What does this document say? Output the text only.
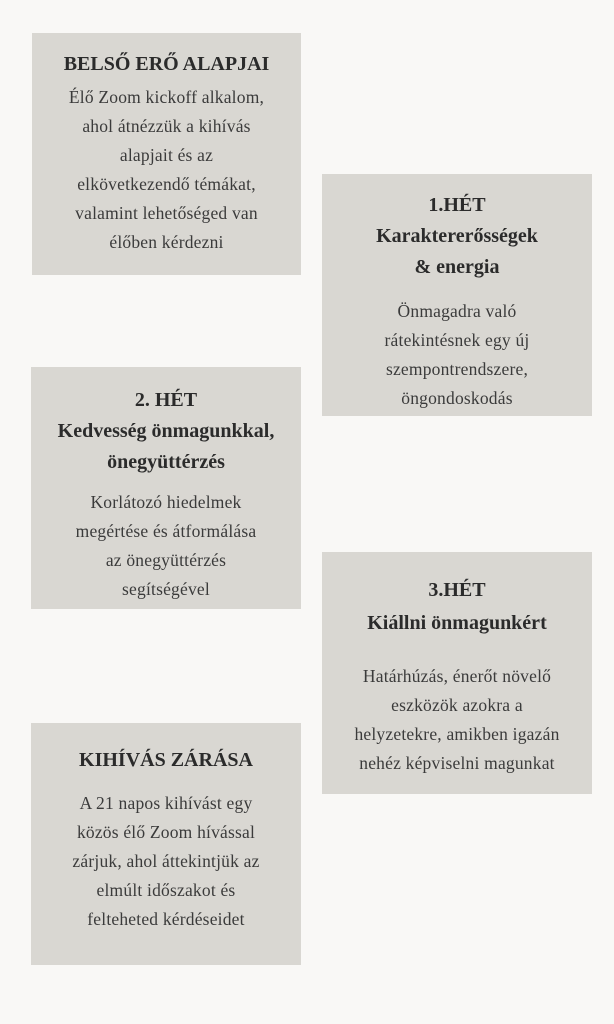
BELSŐ ERŐ ALAPJAI

Élő Zoom kickoff alkalom,
ahol átnézzük a kihívás
alapjait és az
elkövetkezendő témákat,
valamint lehetőséged van
élőben kérdezni

1.HÉT
Karaktererősségek
& energia

Önmagadra való
rátekintésnek egy új
szempontrendszere,
öngondoskodás

2. HÉT
Kedvesség önmagunkkal,
önegyüttérzés

Korlátozó hiedelmek
megértése és átformálása
az önegyüttérzés
segítségével	3.HÉT
Kiállni önmagunkért

Határhúzás, énerőt növelő
eszközök azokra a
helyzetekre, amikben igazán
nehéz képviselni magunkat

KIHÍVÁS ZÁRÁSA

A 21 napos kihívást egy
közös élő Zoom hívással
zárjuk, ahol áttekintjük az
elmúlt időszakot és
felteheted kérdéseidet
